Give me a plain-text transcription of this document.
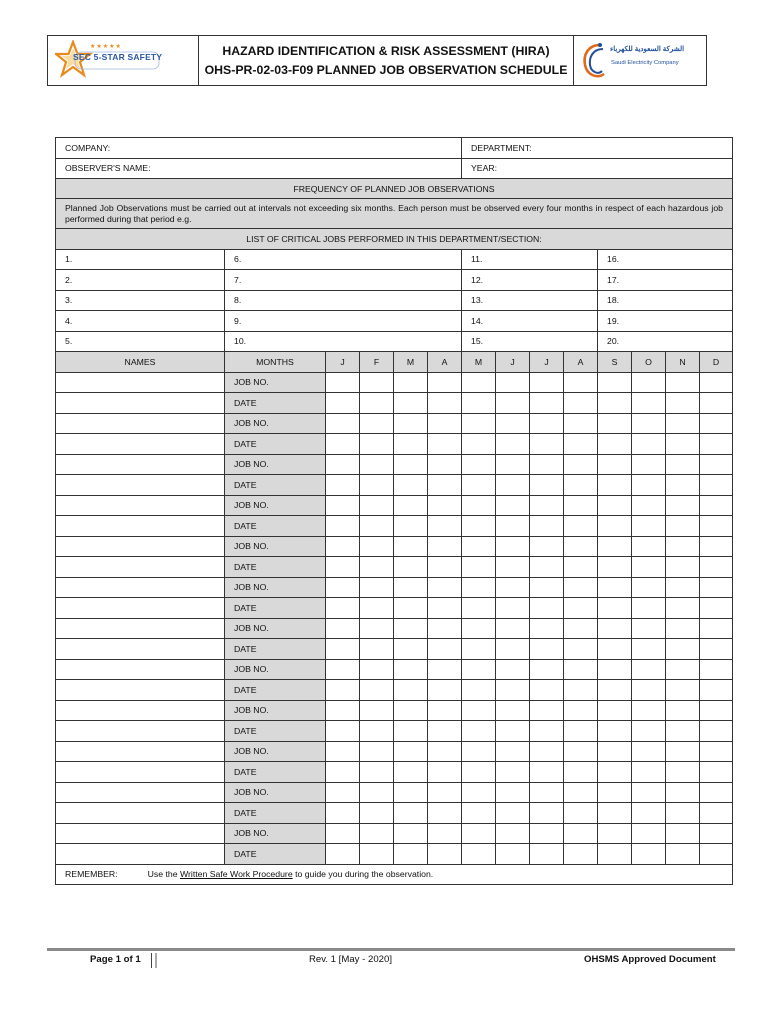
★★★★★
SEC 5-STAR SAFETY	HAZARD IDENTIFICATION & RISK ASSESSMENT (HIRA)
OHS-PR-02-03-F09 PLANNED JOB OBSERVATION SCHEDULE
الشركة السعودية للكهرباء
Saudi Electricity Company
COMPANY:						DEPARTMENT:							
OBSERVER'S NAME:						YEAR:							
FREQUENCY OF PLANNED JOB OBSERVATIONS													
Planned Job Observations must be carried out at intervals not exceeding six months. Each person must be observed every four months in respect of each hazardous job performed during that period e.g.													
LIST OF CRITICAL JOBS PERFORMED IN THIS DEPARTMENT/SECTION:													
1.	6.					11.				16.			
2.	7.					12.				17.			
3.	8.					13.				18.			
4.	9.					14.				19.			
5.	10.					15.				20.			
NAMES	MONTHS	J	F	M	A	M	J	J	A	S	O	N	D
	JOB NO.												
	DATE												
	JOB NO.												
	DATE												
	JOB NO.												
	DATE												
	JOB NO.												
	DATE												
	JOB NO.												
	DATE												
	JOB NO.												
	DATE												
	JOB NO.												
	DATE												
	JOB NO.												
	DATE												
	JOB NO.												
	DATE												
	JOB NO.												
	DATE												
	JOB NO.												
	DATE												
	JOB NO.												
	DATE												
REMEMBER: Use the Written Safe Work Procedure to guide you during the observation.													
Page 1 of 1	Rev. 1 [May - 2020]	OHSMS Approved Document
